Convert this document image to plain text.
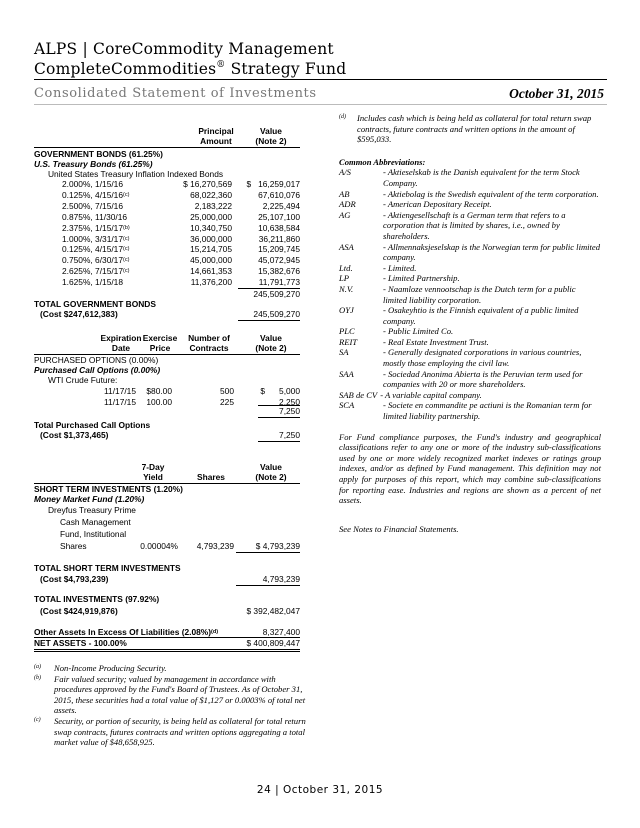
ALPS | CoreCommodity Management
CompleteCommodities® Strategy Fund
Consolidated Statement of Investments	October 31, 2015
Principal
Amount
Value
(Note 2)
GOVERNMENT BONDS (61.25%)
U.S. Treasury Bonds (61.25%)
United States Treasury Inflation Indexed Bonds
2.000%, 1/15/16	$ 16,270,569	$   16,259,017
0.125%, 4/15/16$^{(c)}$	68,022,360	67,610,076
2.500%, 7/15/16	2,183,222	2,225,494
0.875%, 11/30/16	25,000,000	25,107,100
2.375%, 1/15/17$^{(b)}$	10,340,750	10,638,584
1.000%, 3/31/17$^{(c)}$	36,000,000	36,211,860
0.125%, 4/15/17$^{(c)}$	15,214,705	15,209,745
0.750%, 6/30/17$^{(c)}$	45,000,000	45,072,945
2.625%, 7/15/17$^{(c)}$	14,661,353	15,382,676
1.625%, 1/15/18	11,376,200	11,791,773
245,509,270
TOTAL GOVERNMENT BONDS
(Cost $247,612,383)	245,509,270
Expiration
Date
Exercise
Price
Number of
Contracts
Value
(Note 2)
PURCHASED OPTIONS (0.00%)
Purchased Call Options (0.00%)
WTI Crude Future:
11/17/15	$80.00	500	$      5,000
11/17/15	100.00	225	2,250
7,250
Total Purchased Call Options
(Cost $1,373,465)	7,250
7-Day
Yield	Shares
Value
(Note 2)
SHORT TERM INVESTMENTS (1.20%)
Money Market Fund (1.20%)
Dreyfus Treasury Prime
Cash Management
Fund, Institutional
Shares	0.00004%	4,793,239	$ 4,793,239
TOTAL SHORT TERM INVESTMENTS
(Cost $4,793,239)	4,793,239
TOTAL INVESTMENTS (97.92%)
(Cost $424,919,876)	$ 392,482,047
Other Assets In Excess Of Liabilities $(2.08\%)^{(d)}$	8,327,400
NET ASSETS - 100.00%	$ 400,809,447
(a)	Non-Income Producing Security.
(b)	Fair valued security; valued by management in accordance with procedures approved by the Fund's Board of Trustees. As of October 31, 2015, these securities had a total value of $1,127 or 0.0003% of total net assets.
(c)	Security, or portion of security, is being held as collateral for total return swap contracts, futures contracts and written options aggregating a total market value of $48,658,925.
(d)	Includes cash which is being held as collateral for total return swap contracts, future contracts and written options in the amount of $595,033.

Common Abbreviations:

A/S	- Aktieselskab is the Danish equivalent for the term Stock Company.
AB	- Aktiebolag is the Swedish equivalent of the term corporation.
ADR	- American Depositary Receipt.
AG	- Aktiengesellschaft is a German term that refers to a corporation that is limited by shares, i.e., owned by shareholders.
ASA	- Allmennaksjeselskap is the Norwegian term for public limited company.
Ltd.	- Limited.
LP	- Limited Partnership.
N.V.	- Naamloze vennootschap is the Dutch term for a public limited liability corporation.
OYJ	- Osakeyhtio is the Finnish equivalent of a public limited company.
PLC	- Public Limited Co.
REIT	- Real Estate Investment Trust.
SA	- Generally designated corporations in various countries, mostly those employing the civil law.
SAA	- Sociedad Anonima Abierta is the Peruvian term used for companies with 20 or more shareholders.
SAB de CV - A variable capital company.
SCA	- Societe en commandite pe actiuni is the Romanian term for limited liability partnership.

For Fund compliance purposes, the Fund's industry and geographical classifications refer to any one or more of the industry sub-classifications used by one or more widely recognized market indexes or ratings group indexes, and/or as defined by Fund management. This definition may not apply for purposes of this report, which may combine sub-classifications for reporting ease. Industries and regions are shown as a percent of net assets.

See Notes to Financial Statements.

24 | October 31, 2015
